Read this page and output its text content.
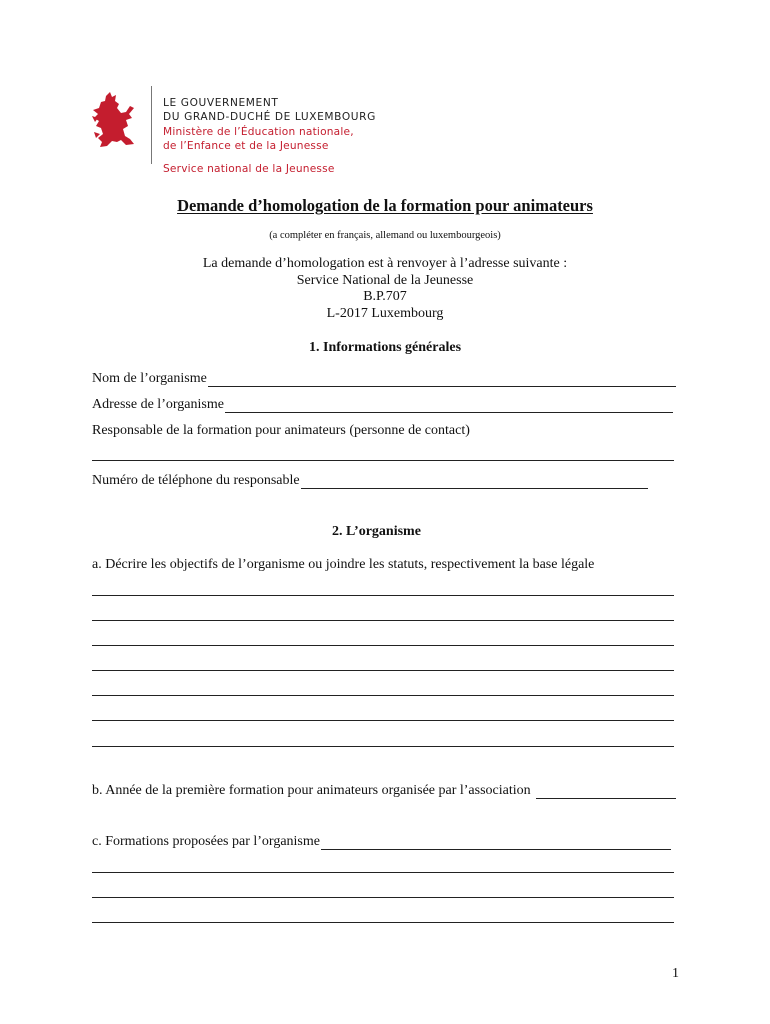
LE GOUVERNEMENT
DU GRAND-DUCHÉ DE LUXEMBOURG
Ministère de l’Éducation nationale,
de l’Enfance et de la Jeunesse
Service national de la Jeunesse
Demande d’homologation de la formation pour animateurs
(a compléter en français, allemand ou luxembourgeois)
La demande d’homologation est à renvoyer à l’adresse suivante :
Service National de la Jeunesse
B.P.707
L-2017 Luxembourg
1. Informations générales
Nom de l’organisme
Adresse de l’organisme
Responsable de la formation pour animateurs (personne de contact)
Numéro de téléphone du responsable
2. L’organisme
a. Décrire les objectifs de l’organisme ou joindre les statuts, respectivement la base légale
b. Année de la première formation pour animateurs organisée par l’association
c. Formations proposées par l’organisme
1
